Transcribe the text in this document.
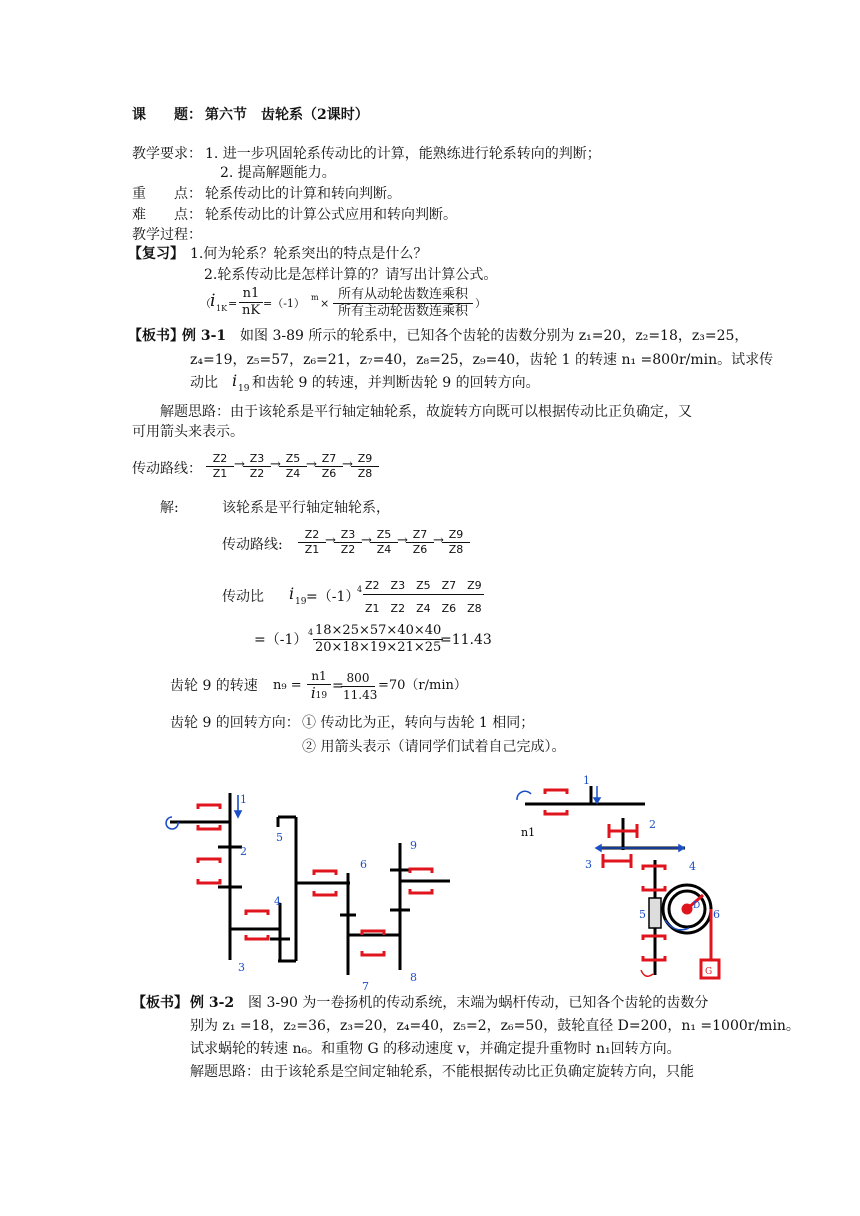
课　　题： 第六节　齿轮系（2课时）
教学要求： 1. 进一步巩固轮系传动比的计算，能熟练进行轮系转向的判断；
2. 提高解题能力。
重　　点： 轮系传动比的计算和转向判断。
难　　点： 轮系传动比的计算公式应用和转向判断。
教学过程：
【复习】 1.何为轮系？轮系突出的特点是什么？
2.轮系传动比是怎样计算的？请写出计算公式。
（ i $1K = \frac{n1}{nK} =(-1) m$ ×
所有从动轮齿数连乘积
所有主动轮齿数连乘积
）
【板书】
例 3-1 如图 3-89 所示的轮系中，已知各个齿轮的齿数分别为 z₁=20，z₂=18，z₃=25，
z₄=19，z₅=57，z₆=21，z₇=40，z₈=25，z₉=40，齿轮 1 的转速 n₁ =800r/min。试求传
动比 i 19 和齿轮 9 的转速，并判断齿轮 9 的回转方向。
解题思路：由于该轮系是平行轴定轴轮系，故旋转方向既可以根据传动比正负确定，又
可用箭头来表示。
传动路线： $\frac{Z2}{Z1} \frac{Z3}{Z2} \frac{Z5}{Z4} \frac{Z7}{Z6} \frac{Z9}{Z8}$
→ → → →
解:	该轮系是平行轴定轴轮系，
传动路线: $\frac{Z2}{Z1} \frac{Z3}{Z2} \frac{Z5}{Z4} \frac{Z7}{Z6} \frac{Z9}{Z8}$
→ → → →
传动比 i 19 =（-1）
$4 \frac{Z2 Z3 Z5 Z7 Z9}{Z1 Z2 Z4 Z6 Z8}$
=（-1） $4 \frac{18\times 25\times 57\times 40\times 40}{20\times 18\times 19\times 21\times 25}$
=11.43
齿轮 9 的转速 n₉ =
n1
i19
=
$\frac{800}{11.43} =70(r/\min)$
齿轮 9 的回转方向： ① 传动比为正，转向与齿轮 1 相同；
② 用箭头表示（请同学们试着自己完成）。
1
2
3
4
5
6
7
8
9
1
2
3	4
5	6
G
n1
D
【板书】 例 3-2 图 3-90 为一卷扬机的传动系统，末端为蜗杆传动，已知各个齿轮的齿数分
别为 z₁ =18，z₂=36，z₃=20，z₄=40，z₅=2，z₆=50，鼓轮直径 D=200，n₁ =1000r/min。
试求蜗轮的转速 n₆。和重物 G 的移动速度 v，并确定提升重物时 n₁回转方向。
解题思路：由于该轮系是空间定轴轮系，不能根据传动比正负确定旋转方向，只能
